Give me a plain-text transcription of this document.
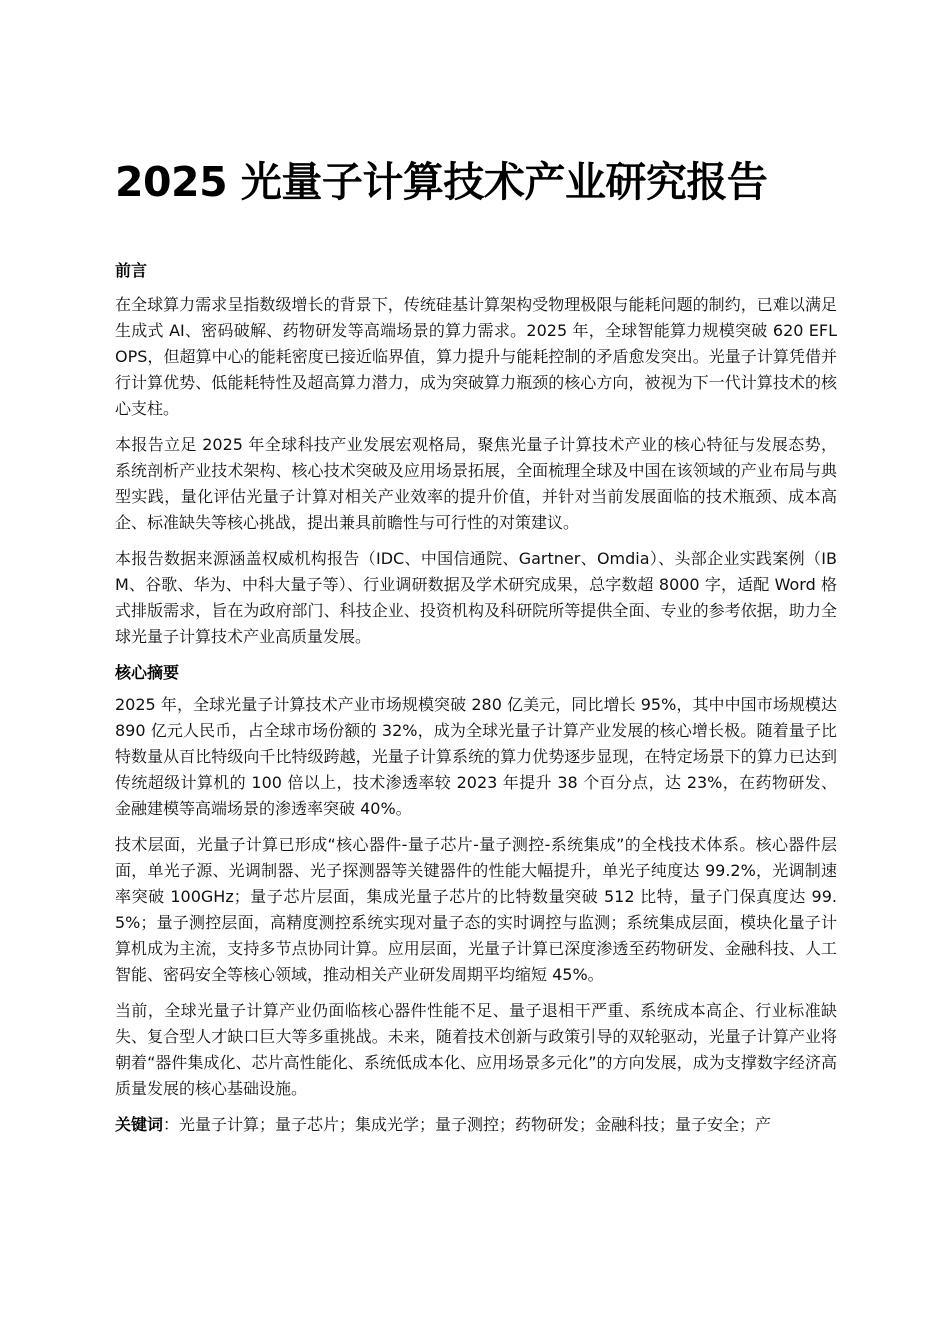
2025 光量子计算技术产业研究报告
前言

在全球算力需求呈指数级增长的背景下，传统硅基计算架构受物理极限与能耗问题的制约，已难以满足生成式 AI、密码破解、药物研发等高端场景的算力需求。2025 年，全球智能算力规模突破 620 EFLOPS，但超算中心的能耗密度已接近临界值，算力提升与能耗控制的矛盾愈发突出。光量子计算凭借并行计算优势、低能耗特性及超高算力潜力，成为突破算力瓶颈的核心方向，被视为下一代计算技术的核心支柱。

本报告立足 2025 年全球科技产业发展宏观格局，聚焦光量子计算技术产业的核心特征与发展态势，系统剖析产业技术架构、核心技术突破及应用场景拓展，全面梳理全球及中国在该领域的产业布局与典型实践，量化评估光量子计算对相关产业效率的提升价值，并针对当前发展面临的技术瓶颈、成本高企、标准缺失等核心挑战，提出兼具前瞻性与可行性的对策建议。

本报告数据来源涵盖权威机构报告（IDC、中国信通院、Gartner、Omdia）、头部企业实践案例（IBM、谷歌、华为、中科大量子等）、行业调研数据及学术研究成果，总字数超 8000 字，适配 Word 格式排版需求，旨在为政府部门、科技企业、投资机构及科研院所等提供全面、专业的参考依据，助力全球光量子计算技术产业高质量发展。

核心摘要

2025 年，全球光量子计算技术产业市场规模突破 280 亿美元，同比增长 95%，其中中国市场规模达 890 亿元人民币，占全球市场份额的 32%，成为全球光量子计算产业发展的核心增长极。随着量子比特数量从百比特级向千比特级跨越，光量子计算系统的算力优势逐步显现，在特定场景下的算力已达到传统超级计算机的 100 倍以上，技术渗透率较 2023 年提升 38 个百分点，达 23%，在药物研发、金融建模等高端场景的渗透率突破 40%。

技术层面，光量子计算已形成“核心器件-量子芯片-量子测控-系统集成”的全栈技术体系。核心器件层面，单光子源、光调制器、光子探测器等关键器件的性能大幅提升，单光子纯度达 99.2%，光调制速率突破 100GHz；量子芯片层面，集成光量子芯片的比特数量突破 512 比特，量子门保真度达 99.5%；量子测控层面，高精度测控系统实现对量子态的实时调控与监测；系统集成层面，模块化量子计算机成为主流，支持多节点协同计算。应用层面，光量子计算已深度渗透至药物研发、金融科技、人工智能、密码安全等核心领域，推动相关产业研发周期平均缩短 45%。

当前，全球光量子计算产业仍面临核心器件性能不足、量子退相干严重、系统成本高企、行业标准缺失、复合型人才缺口巨大等多重挑战。未来，随着技术创新与政策引导的双轮驱动，光量子计算产业将朝着“器件集成化、芯片高性能化、系统低成本化、应用场景多元化”的方向发展，成为支撑数字经济高质量发展的核心基础设施。

关键词：光量子计算；量子芯片；集成光学；量子测控；药物研发；金融科技；量子安全；产
